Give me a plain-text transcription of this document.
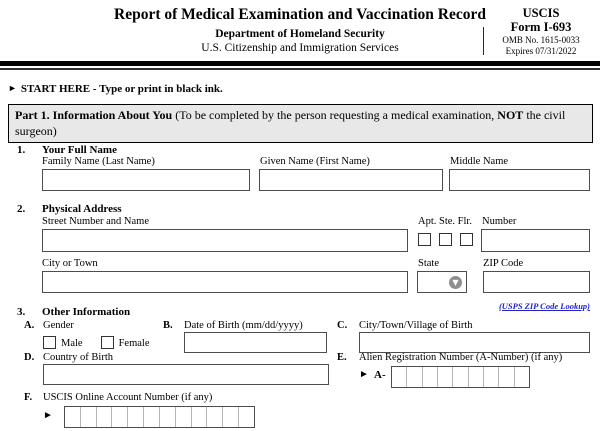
Report of Medical Examination and Vaccination Record
Department of Homeland Security
U.S. Citizenship and Immigration Services
USCIS
Form I-693
OMB No. 1615-0033
Expires 07/31/2022
► START HERE - Type or print in black ink.
Part 1. Information About You (To be completed by the person requesting a medical examination, NOT the civil surgeon)
1. Your Full Name
Family Name (Last Name)	Given Name (First Name)	Middle Name
2. Physical Address
Street Number and Name	Apt. Ste. Flr. Number
City or Town	State	ZIP Code
▼
(USPS ZIP Code Lookup)
3. Other Information
A. Gender
Male	Female
B. Date of Birth (mm/dd/yyyy)	C. City/Town/Village of Birth
D. Country of Birth	E. Alien Registration Number (A-Number) (if any)
► A-
F. USCIS Online Account Number (if any)
►
